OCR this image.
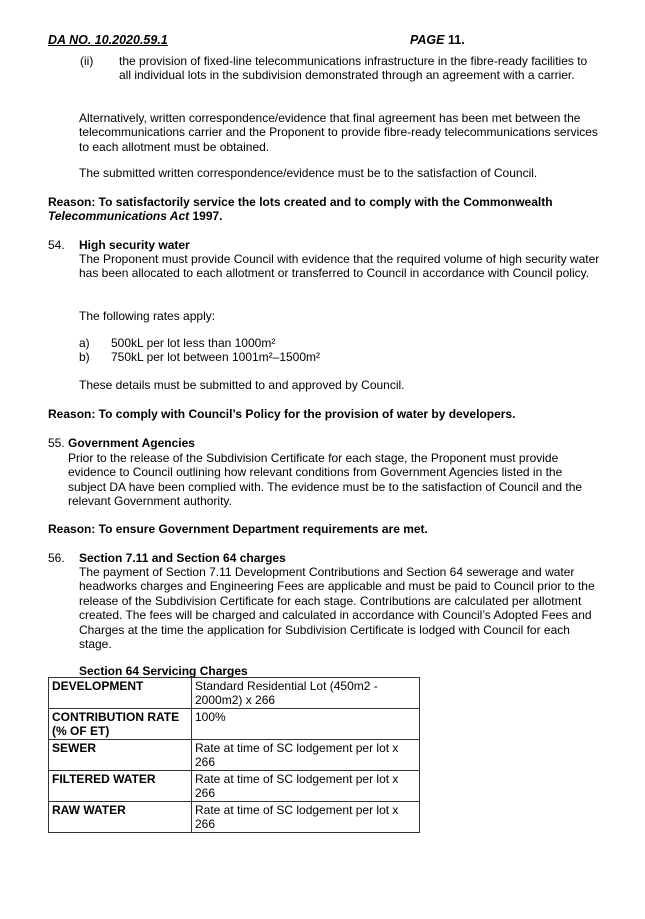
DA NO. 10.2020.59.1	PAGE 11.
(ii) the provision of fixed-line telecommunications infrastructure in the fibre-ready facilities to all individual lots in the subdivision demonstrated through an agreement with a carrier.

Alternatively, written correspondence/evidence that final agreement has been met between the telecommunications carrier and the Proponent to provide fibre-ready telecommunications services to each allotment must be obtained.

The submitted written correspondence/evidence must be to the satisfaction of Council.

Reason: To satisfactorily service the lots created and to comply with the Commonwealth
Telecommunications Act 1997.

54. High security water

The Proponent must provide Council with evidence that the required volume of high security water has been allocated to each allotment or transferred to Council in accordance with Council policy.

The following rates apply:

a) 500kL per lot less than 1000m²
b) 750kL per lot between 1001m²–1500m²

These details must be submitted to and approved by Council.

Reason: To comply with Council’s Policy for the provision of water by developers.

55. Government Agencies

Prior to the release of the Subdivision Certificate for each stage, the Proponent must provide evidence to Council outlining how relevant conditions from Government Agencies listed in the subject DA have been complied with. The evidence must be to the satisfaction of Council and the relevant Government authority.

Reason: To ensure Government Department requirements are met.

56. Section 7.11 and Section 64 charges

The payment of Section 7.11 Development Contributions and Section 64 sewerage and water headworks charges and Engineering Fees are applicable and must be paid to Council prior to the release of the Subdivision Certificate for each stage. Contributions are calculated per allotment created. The fees will be charged and calculated in accordance with Council’s Adopted Fees and Charges at the time the application for Subdivision Certificate is lodged with Council for each stage.

Section 64 Servicing Charges
DEVELOPMENT	Standard Residential Lot (450m2 - 2000m2) x 266
CONTRIBUTION RATE (% OF ET)	100%
SEWER	Rate at time of SC lodgement per lot x 266
FILTERED WATER	Rate at time of SC lodgement per lot x 266
RAW WATER	Rate at time of SC lodgement per lot x 266
